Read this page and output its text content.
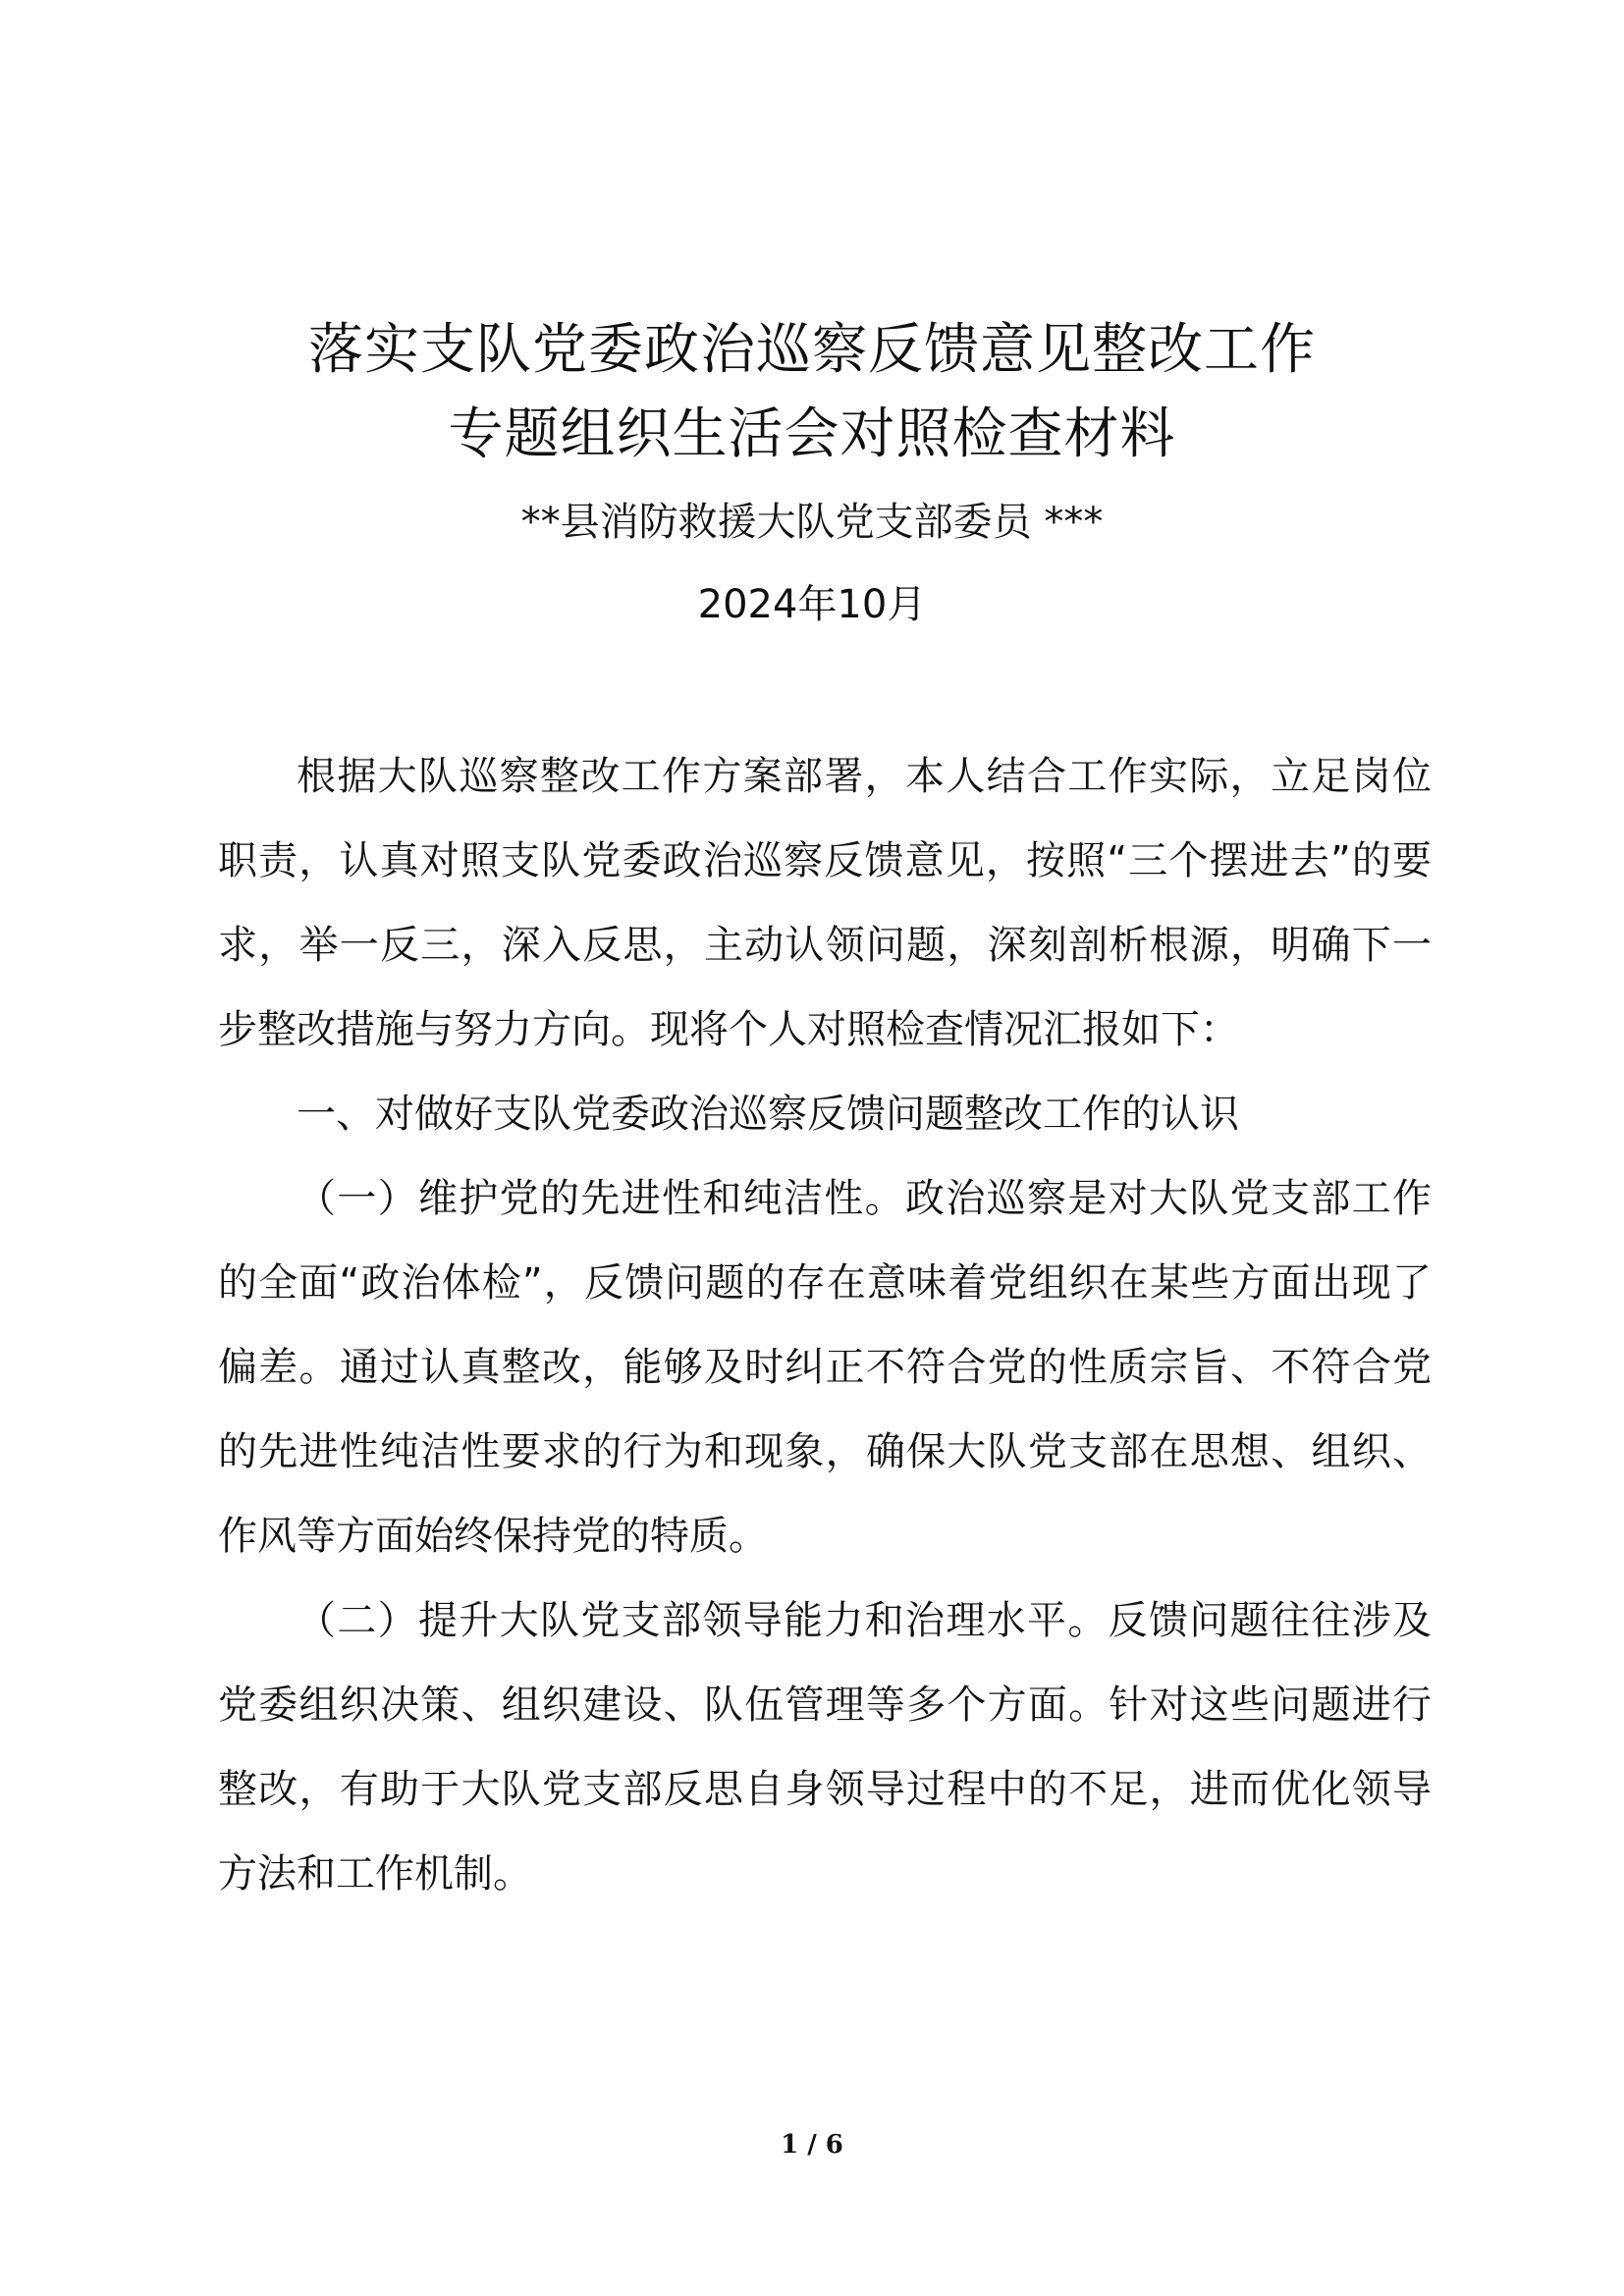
落实支队党委政治巡察反馈意见整改工作
专题组织生活会对照检查材料
**县消防救援大队党支部委员 ***
2024年10月

根据大队巡察整改工作方案部署，本人结合工作实际，立足岗位职责，认真对照支队党委政治巡察反馈意见，按照“三个摆进去”的要求，举一反三，深入反思，主动认领问题，深刻剖析根源，明确下一步整改措施与努力方向。现将个人对照检查情况汇报如下：

一、对做好支队党委政治巡察反馈问题整改工作的认识

（一）维护党的先进性和纯洁性。政治巡察是对大队党支部工作的全面“政治体检”，反馈问题的存在意味着党组织在某些方面出现了偏差。通过认真整改，能够及时纠正不符合党的性质宗旨、不符合党的先进性纯洁性要求的行为和现象，确保大队党支部在思想、组织、作风等方面始终保持党的特质。

（二）提升大队党支部领导能力和治理水平。反馈问题往往涉及党委组织决策、组织建设、队伍管理等多个方面。针对这些问题进行整改，有助于大队党支部反思自身领导过程中的不足，进而优化领导方法和工作机制。

1 / 6
